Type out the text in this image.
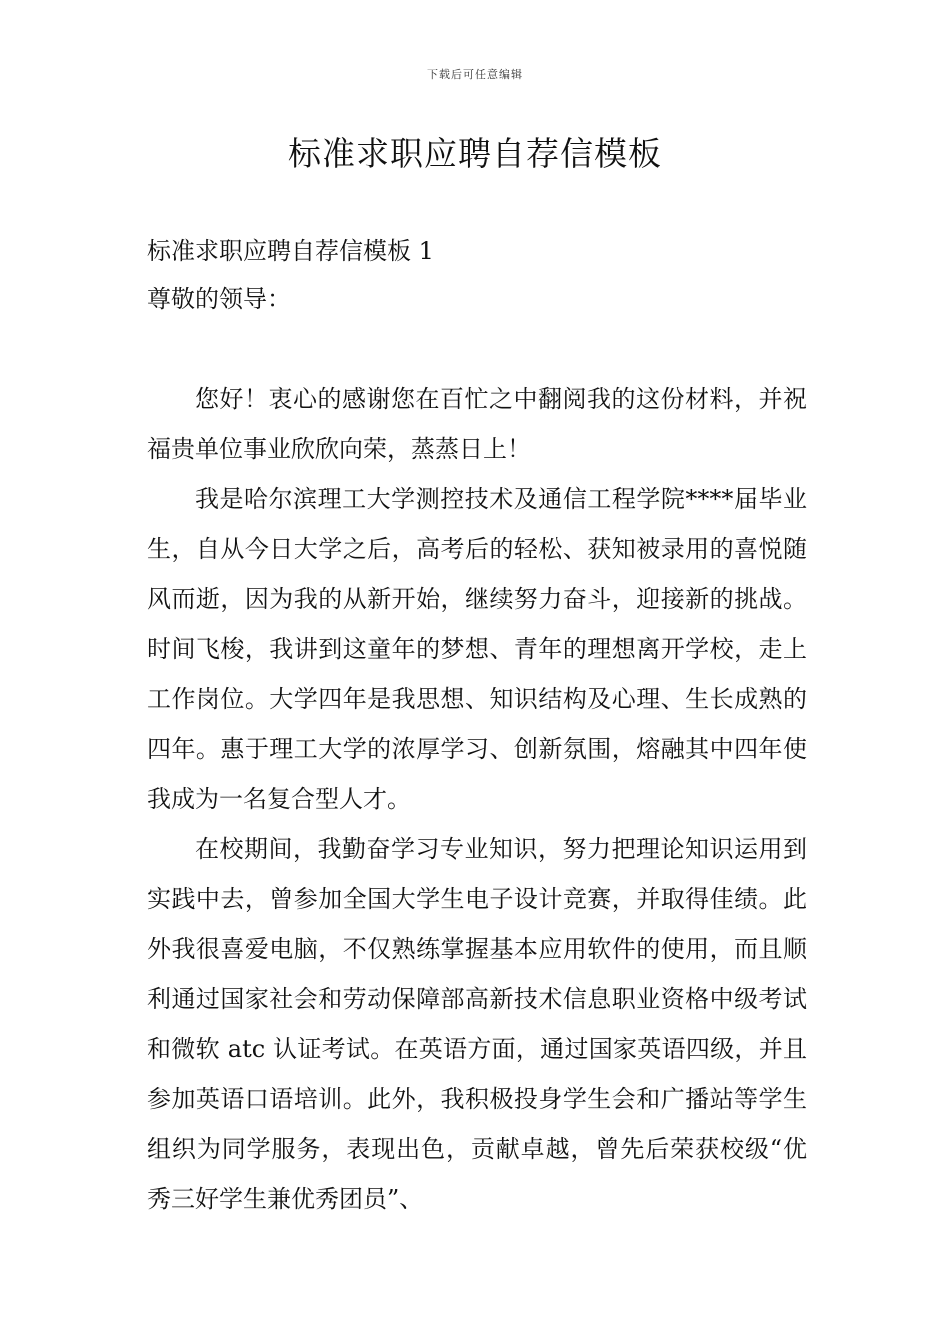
下载后可任意编辑
标准求职应聘自荐信模板
标准求职应聘自荐信模板 1
尊敬的领导：

您好！衷心的感谢您在百忙之中翻阅我的这份材料，并祝福贵单位事业欣欣向荣，蒸蒸日上！

我是哈尔滨理工大学测控技术及通信工程学院****届毕业生，自从今日大学之后，高考后的轻松、获知被录用的喜悦随风而逝，因为我的从新开始，继续努力奋斗，迎接新的挑战。时间飞梭，我讲到这童年的梦想、青年的理想离开学校，走上工作岗位。大学四年是我思想、知识结构及心理、生长成熟的四年。惠于理工大学的浓厚学习、创新氛围，熔融其中四年使我成为一名复合型人才。

在校期间，我勤奋学习专业知识，努力把理论知识运用到实践中去，曾参加全国大学生电子设计竞赛，并取得佳绩。此外我很喜爱电脑，不仅熟练掌握基本应用软件的使用，而且顺利通过国家社会和劳动保障部高新技术信息职业资格中级考试和微软 atc 认证考试。在英语方面，通过国家英语四级，并且参加英语口语培训。此外，我积极投身学生会和广播站等学生组织为同学服务，表现出色，贡献卓越，曾先后荣获校级“优秀三好学生兼优秀团员”、
